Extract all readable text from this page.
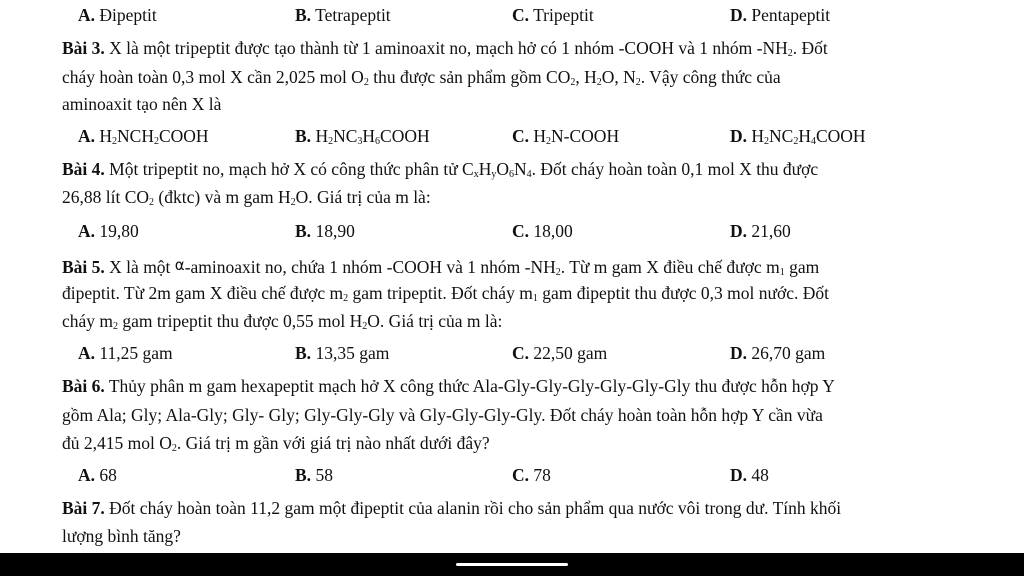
A. Đipeptit	B. Tetrapeptit	C. Tripeptit	D. Pentapeptit
Bài 3. X là một tripeptit được tạo thành từ 1 aminoaxit no, mạch hở có 1 nhóm -COOH và 1 nhóm $-NH_2$. Đốt
cháy hoàn toàn 0,3 mol X cần 2,025 mol $O_2$ thu được sản phẩm gồm $CO_2$, $H_2O$, $N_2$. Vậy công thức của
aminoaxit tạo nên X là
A. $H_2NCH_2COOH$	B. $H_2NC_3H_6COOH$	C. $H_2N$-COOH	D. $H_2NC_2H_4COOH$
Bài 4. Một tripeptit no, mạch hở X có công thức phân tử $C_xH_yO_6N_4$. Đốt cháy hoàn toàn 0,1 mol X thu được
26,88 lít $CO_2$ (đktc) và m gam $H_2O$. Giá trị của m là:
A. 19,80	B. 18,90	C. 18,00	D. 21,60
Bài 5. X là một α-aminoaxit no, chứa 1 nhóm -COOH và 1 nhóm $-NH_2$. Từ m gam X điều chế được $m_1$ gam
đipeptit. Từ 2m gam X điều chế được $m_2$ gam tripeptit. Đốt cháy $m_1$ gam đipeptit thu được 0,3 mol nước. Đốt
cháy $m_2$ gam tripeptit thu được 0,55 mol $H_2O$. Giá trị của m là:
A. 11,25 gam	B. 13,35 gam	C. 22,50 gam	D. 26,70 gam
Bài 6. Thủy phân m gam hexapeptit mạch hở X công thức Ala-Gly-Gly-Gly-Gly-Gly-Gly thu được hỗn hợp Y
gồm Ala; Gly; Ala-Gly; Gly- Gly; Gly-Gly-Gly và Gly-Gly-Gly-Gly. Đốt cháy hoàn toàn hỗn hợp Y cần vừa
đủ 2,415 mol $O_2$. Giá trị m gần với giá trị nào nhất dưới đây?
A. 68	B. 58	C. 78	D. 48
Bài 7. Đốt cháy hoàn toàn 11,2 gam một đipeptit của alanin rồi cho sản phẩm qua nước vôi trong dư. Tính khối
lượng bình tăng?
